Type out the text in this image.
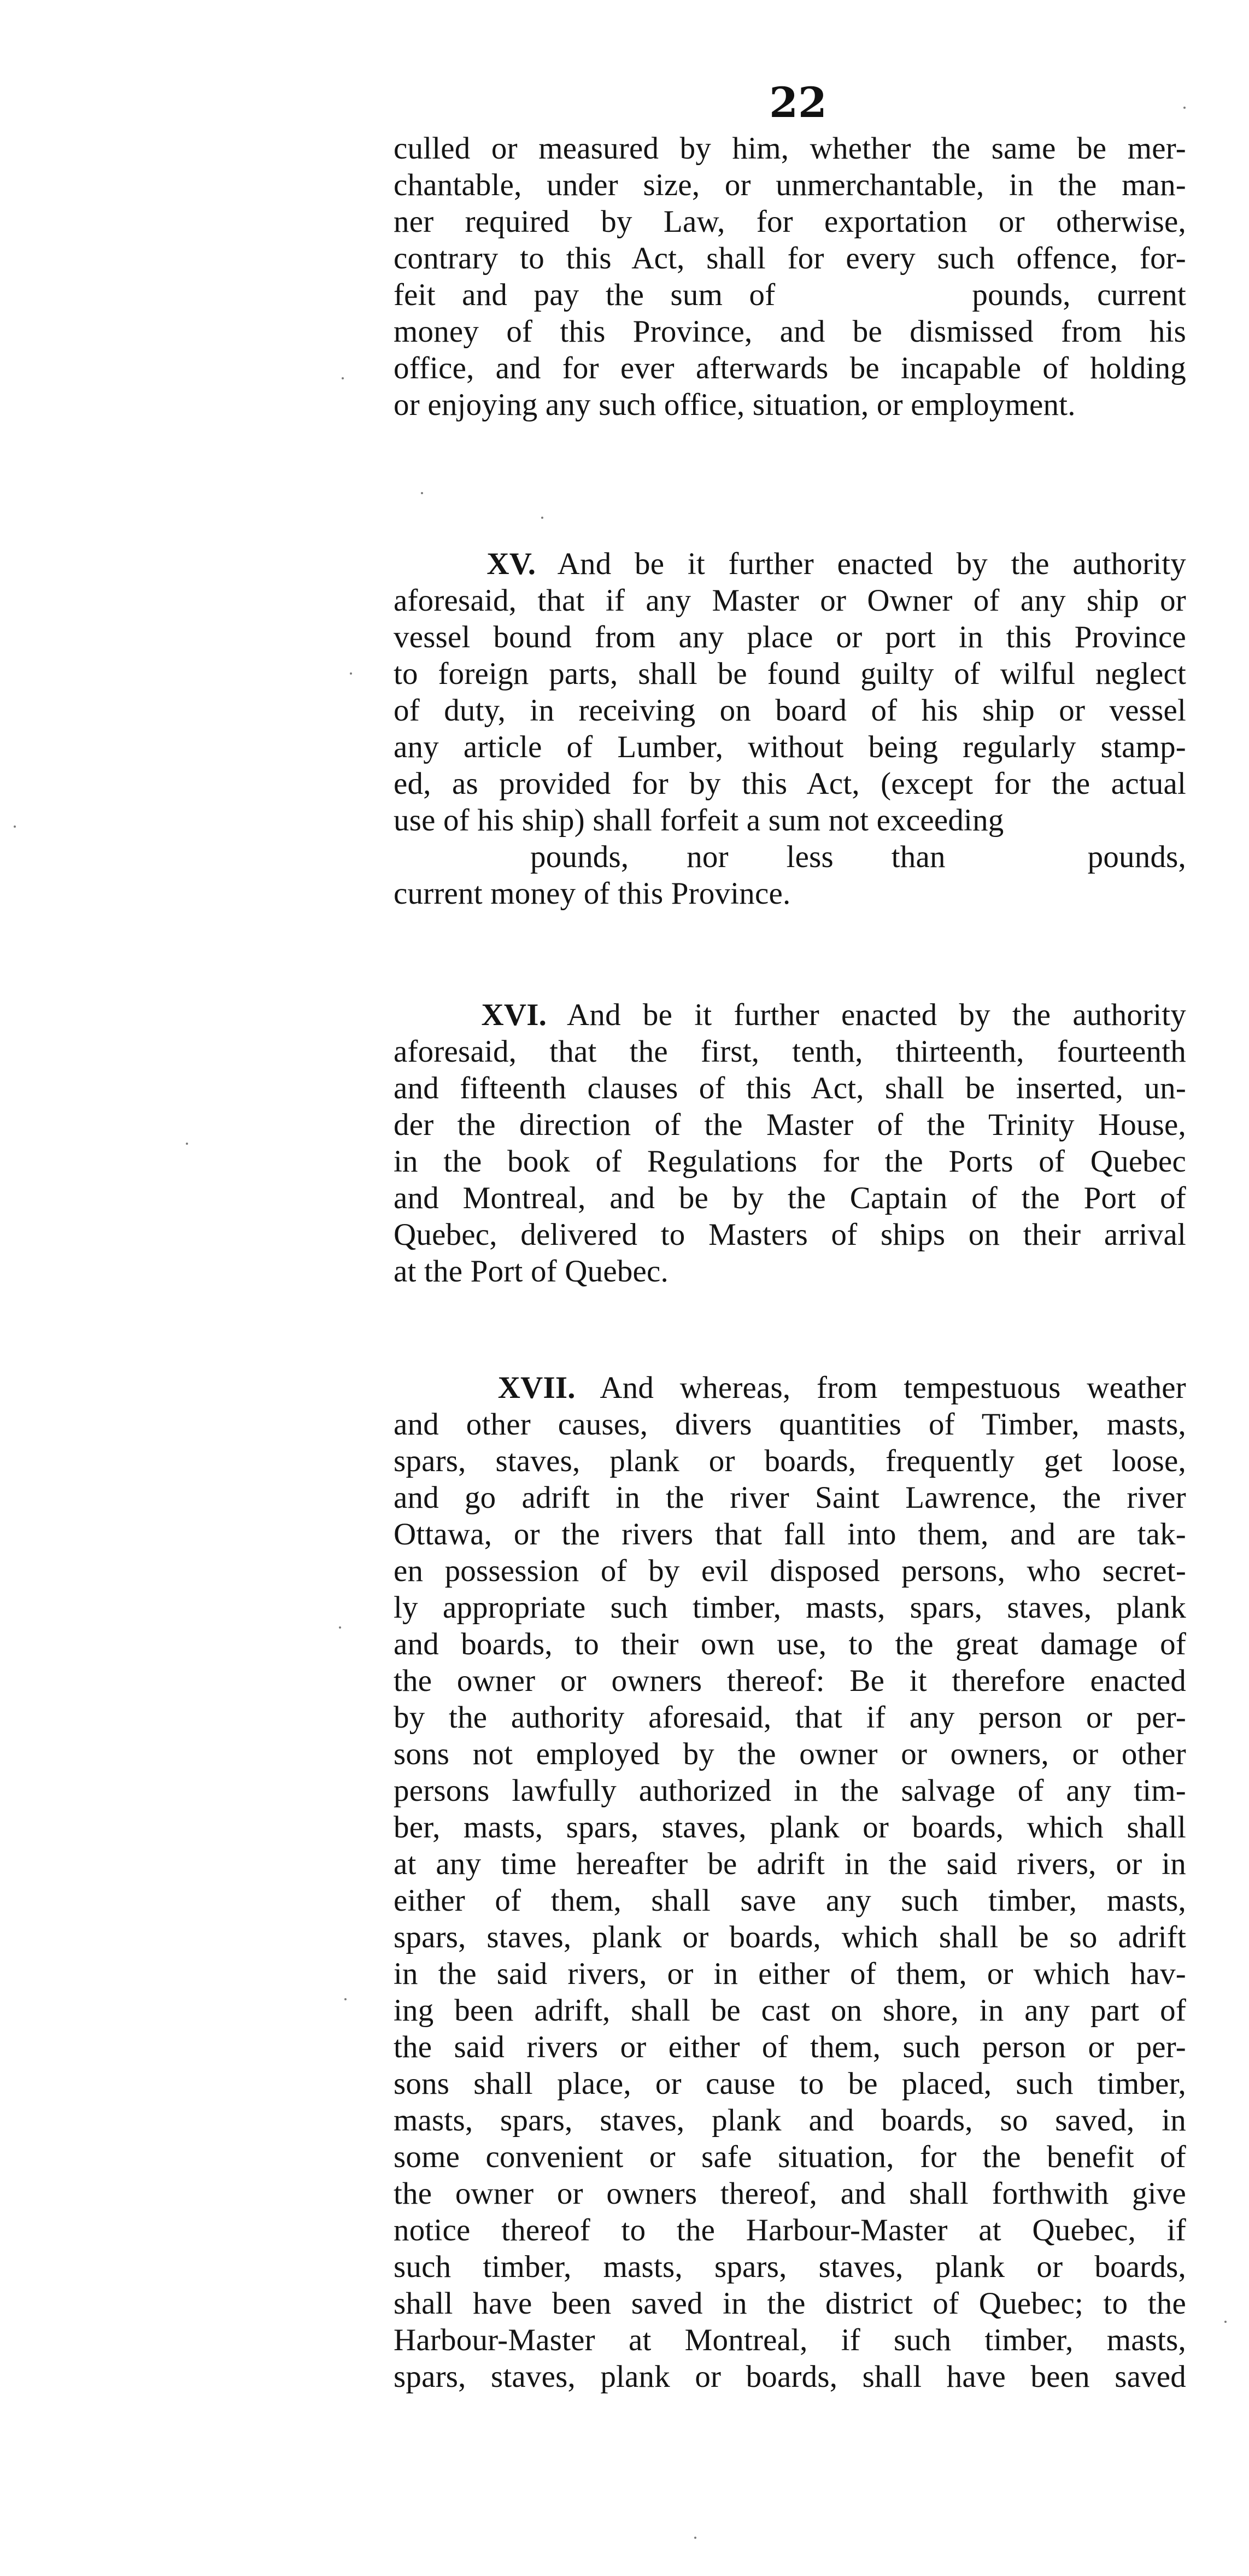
22
culled or measured by him, whether the same be mer-
chantable, under size, or unmerchantable, in the man-
ner required by Law, for exportation or otherwise,
contrary to this Act, shall for every such offence, for-
feit and pay the sum of	pounds, current
money of this Province, and be dismissed from his
office, and for ever afterwards be incapable of holding
or enjoying any such office, situation, or employment.
XV. And be it further enacted by the authority
aforesaid, that if any Master or Owner of any ship or
vessel bound from any place or port in this Province
to foreign parts, shall be found guilty of wilful neglect
of duty, in receiving on board of his ship or vessel
any article of Lumber, without being regularly stamp-
ed, as provided for by this Act, (except for the actual
use of his ship) shall forfeit a sum not exceeding
pounds, nor less than	pounds,
current money of this Province.
XVI. And be it further enacted by the authority
aforesaid, that the first, tenth, thirteenth, fourteenth
and fifteenth clauses of this Act, shall be inserted, un-
der the direction of the Master of the Trinity House,
in the book of Regulations for the Ports of Quebec
and Montreal, and be by the Captain of the Port of
Quebec, delivered to Masters of ships on their arrival
at the Port of Quebec.
XVII. And whereas, from tempestuous weather
and other causes, divers quantities of Timber, masts,
spars, staves, plank or boards, frequently get loose,
and go adrift in the river Saint Lawrence, the river
Ottawa, or the rivers that fall into them, and are tak-
en possession of by evil disposed persons, who secret-
ly appropriate such timber, masts, spars, staves, plank
and boards, to their own use, to the great damage of
the owner or owners thereof: Be it therefore enacted
by the authority aforesaid, that if any person or per-
sons not employed by the owner or owners, or other
persons lawfully authorized in the salvage of any tim-
ber, masts, spars, staves, plank or boards, which shall
at any time hereafter be adrift in the said rivers, or in
either of them, shall save any such timber, masts,
spars, staves, plank or boards, which shall be so adrift
in the said rivers, or in either of them, or which hav-
ing been adrift, shall be cast on shore, in any part of
the said rivers or either of them, such person or per-
sons shall place, or cause to be placed, such timber,
masts, spars, staves, plank and boards, so saved, in
some convenient or safe situation, for the benefit of
the owner or owners thereof, and shall forthwith give
notice thereof to the Harbour-Master at Quebec, if
such timber, masts, spars, staves, plank or boards,
shall have been saved in the district of Quebec; to the
Harbour-Master at Montreal, if such timber, masts,
spars, staves, plank or boards, shall have been saved
